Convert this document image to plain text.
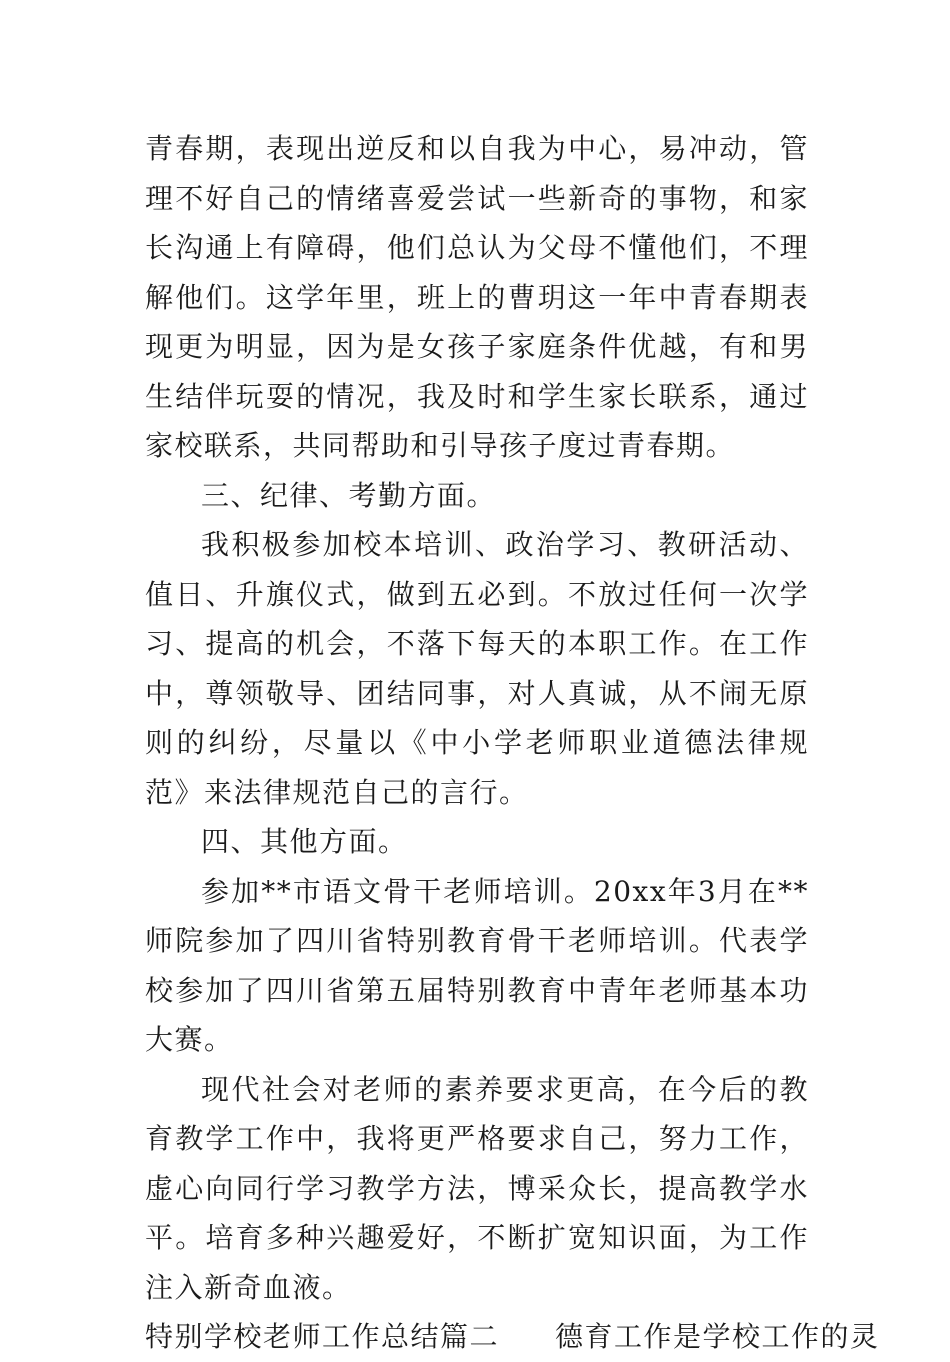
青春期，表现出逆反和以自我为中心，易冲动，管理不好自己的情绪喜爱尝试一些新奇的事物，和家长沟通上有障碍，他们总认为父母不懂他们，不理解他们。这学年里，班上的曹玥这一年中青春期表现更为明显，因为是女孩子家庭条件优越，有和男生结伴玩耍的情况，我及时和学生家长联系，通过家校联系，共同帮助和引导孩子度过青春期。

三、纪律、考勤方面。

我积极参加校本培训、政治学习、教研活动、值日、升旗仪式，做到五必到。不放过任何一次学习、提高的机会，不落下每天的本职工作。在工作中，尊领敬导、团结同事，对人真诚，从不闹无原则的纠纷，尽量以《中小学老师职业道德法律规范》来法律规范自己的言行。

四、其他方面。

参加**市语文骨干老师培训。20xx年3月在**师院参加了四川省特别教育骨干老师培训。代表学校参加了四川省第五届特别教育中青年老师基本功大赛。

现代社会对老师的素养要求更高，在今后的教育教学工作中，我将更严格要求自己，努力工作，虚心向同行学习教学方法，博采众长，提高教学水平。培育多种兴趣爱好，不断扩宽知识面，为工作注入新奇血液。

特别学校老师工作总结篇二 德育工作是学校工作的灵
